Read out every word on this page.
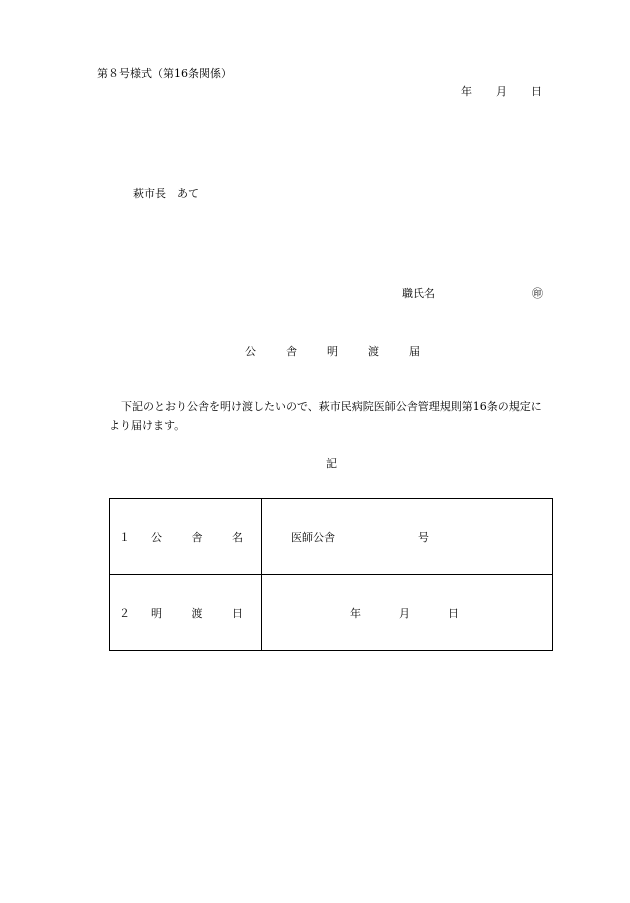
第８号様式（第16条関係）
年 月 日
萩市長　あて
職氏名	㊞
公	舎	明	渡	届
下記のとおり公舎を明け渡したいので、萩市民病院医師公舎管理規則第16条の規定に
より届けます。
記
１ 公 舎 名	医師公舎 号

２ 明 渡 日	年 月 日
